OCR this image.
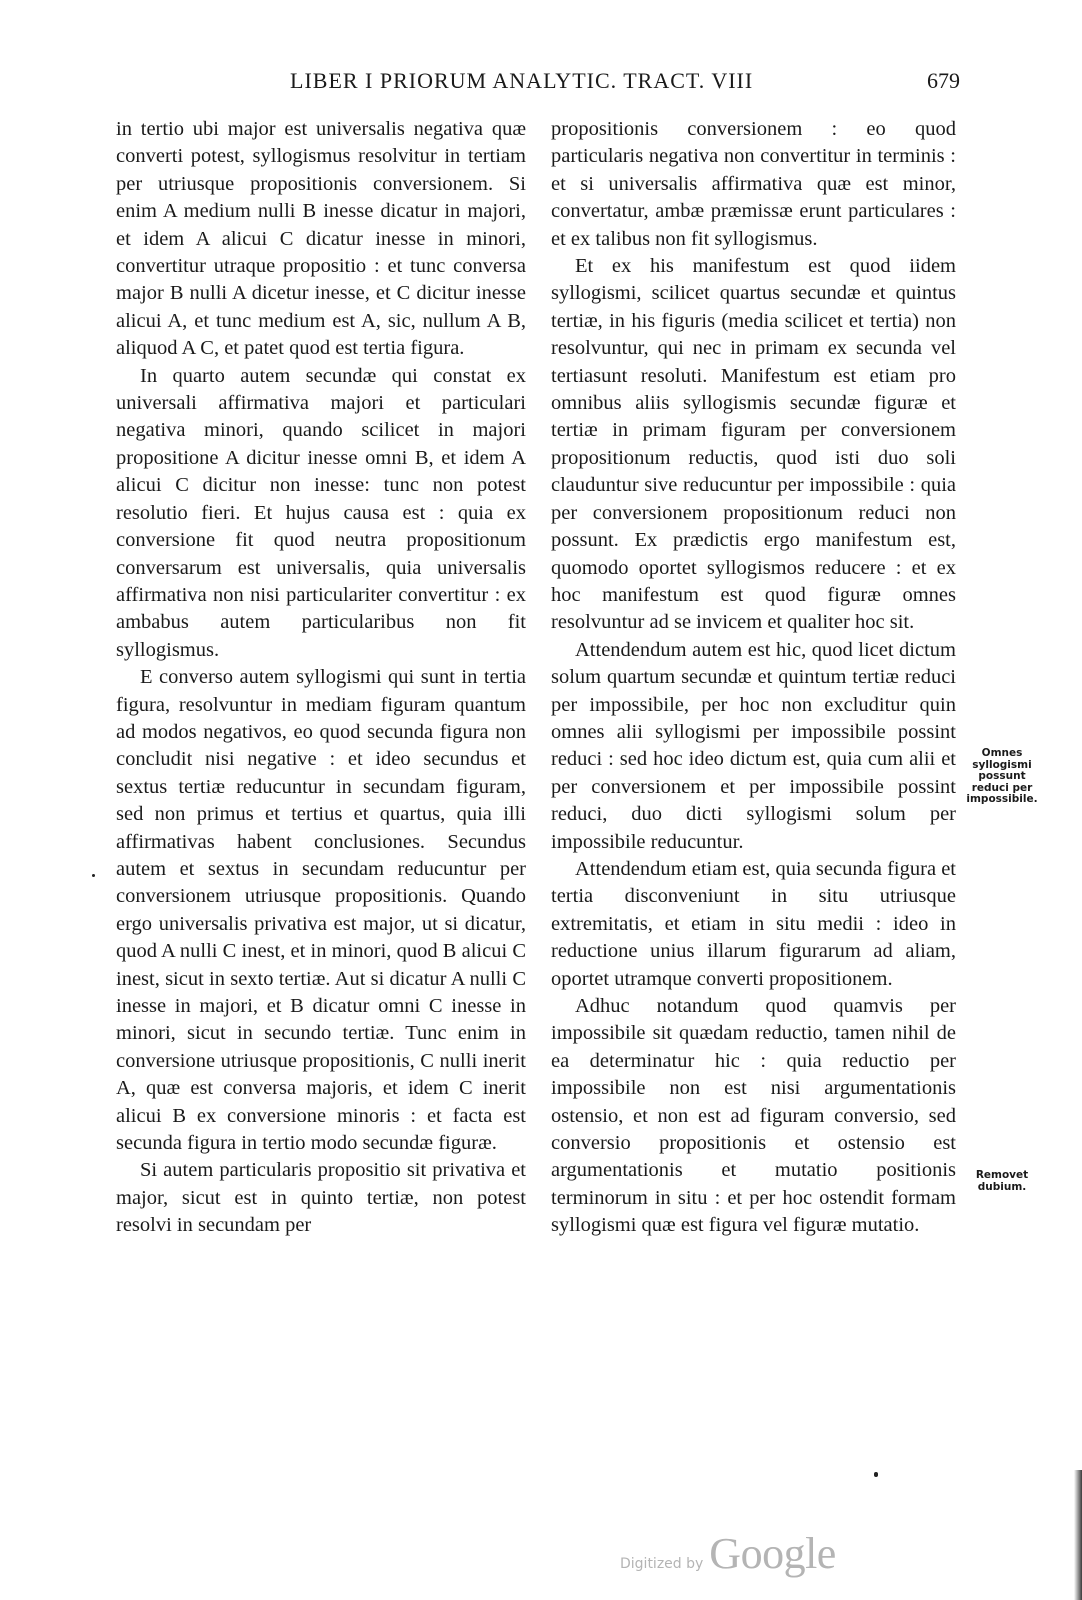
LIBER I PRIORUM ANALYTIC. TRACT. VIII	679

in tertio ubi major est universalis negativa quæ converti potest, syllogismus resolvitur in tertiam per utriusque propositionis conversionem. Si enim A medium nulli B inesse dicatur in majori, et idem A alicui C dicatur inesse in minori, convertitur utraque propositio : et tunc conversa major B nulli A dicetur inesse, et C dicitur inesse alicui A, et tunc medium est A, sic, nullum A B, aliquod A C, et patet quod est tertia figura.

In quarto autem secundæ qui constat ex universali affirmativa majori et particulari negativa minori, quando scilicet in majori propositione A dicitur inesse omni B, et idem A alicui C dicitur non inesse: tunc non potest resolutio fieri. Et hujus causa est : quia ex conversione fit quod neutra propositionum conversarum est universalis, quia universalis affirmativa non nisi particulariter convertitur : ex ambabus autem particularibus non fit syllogismus.

E converso autem syllogismi qui sunt in tertia figura, resolvuntur in mediam figuram quantum ad modos negativos, eo quod secunda figura non concludit nisi negative : et ideo secundus et sextus tertiæ reducuntur in secundam figuram, sed non primus et tertius et quartus, quia illi affirmativas habent conclusiones. Secundus autem et sextus in secundam reducuntur per conversionem utriusque propositionis. Quando ergo universalis privativa est major, ut si dicatur, quod A nulli C inest, et in minori, quod B alicui C inest, sicut in sexto tertiæ. Aut si dicatur A nulli C inesse in majori, et B dicatur omni C inesse in minori, sicut in secundo tertiæ. Tunc enim in conversione utriusque propositionis, C nulli inerit A, quæ est conversa majoris, et idem C inerit alicui B ex conversione minoris : et facta est secunda figura in tertio modo secundæ figuræ.

Si autem particularis propositio sit privativa et major, sicut est in quinto tertiæ, non potest resolvi in secundam per

propositionis conversionem : eo quod particularis negativa non convertitur in terminis : et si universalis affirmativa quæ est minor, convertatur, ambæ præmissæ erunt particulares : et ex talibus non fit syllogismus.

Et ex his manifestum est quod iidem syllogismi, scilicet quartus secundæ et quintus tertiæ, in his figuris (media scilicet et tertia) non resolvuntur, qui nec in primam ex secunda vel tertiasunt resoluti. Manifestum est etiam pro omnibus aliis syllogismis secundæ figuræ et tertiæ in primam figuram per conversionem propositionum reductis, quod isti duo soli clauduntur sive reducuntur per impossibile : quia per conversionem propositionum reduci non possunt. Ex prædictis ergo manifestum est, quomodo oportet syllogismos reducere : et ex hoc manifestum est quod figuræ omnes resolvuntur ad se invicem et qualiter hoc sit.

Attendendum autem est hic, quod licet dictum solum quartum secundæ et quintum tertiæ reduci per impossibile, per hoc non excluditur quin omnes alii syllogismi per impossibile possint reduci : sed hoc ideo dictum est, quia cum alii et per conversionem et per impossibile possint reduci, duo dicti syllogismi solum per impossibile reducuntur.

Attendendum etiam est, quia secunda figura et tertia disconveniunt in situ utriusque extremitatis, et etiam in situ medii : ideo in reductione unius illarum figurarum ad aliam, oportet utramque converti propositionem.

Adhuc notandum quod quamvis per impossibile sit quædam reductio, tamen nihil de ea determinatur hic : quia reductio per impossibile non est nisi argumentationis ostensio, et non est ad figuram conversio, sed conversio propositionis et ostensio est argumentationis et mutatio positionis terminorum in situ : et per hoc ostendit formam syllogismi quæ est figura vel figuræ mutatio.

Omnes syllogismi possunt reduci per impossibile.
Removet dubium.
Digitized by Google
